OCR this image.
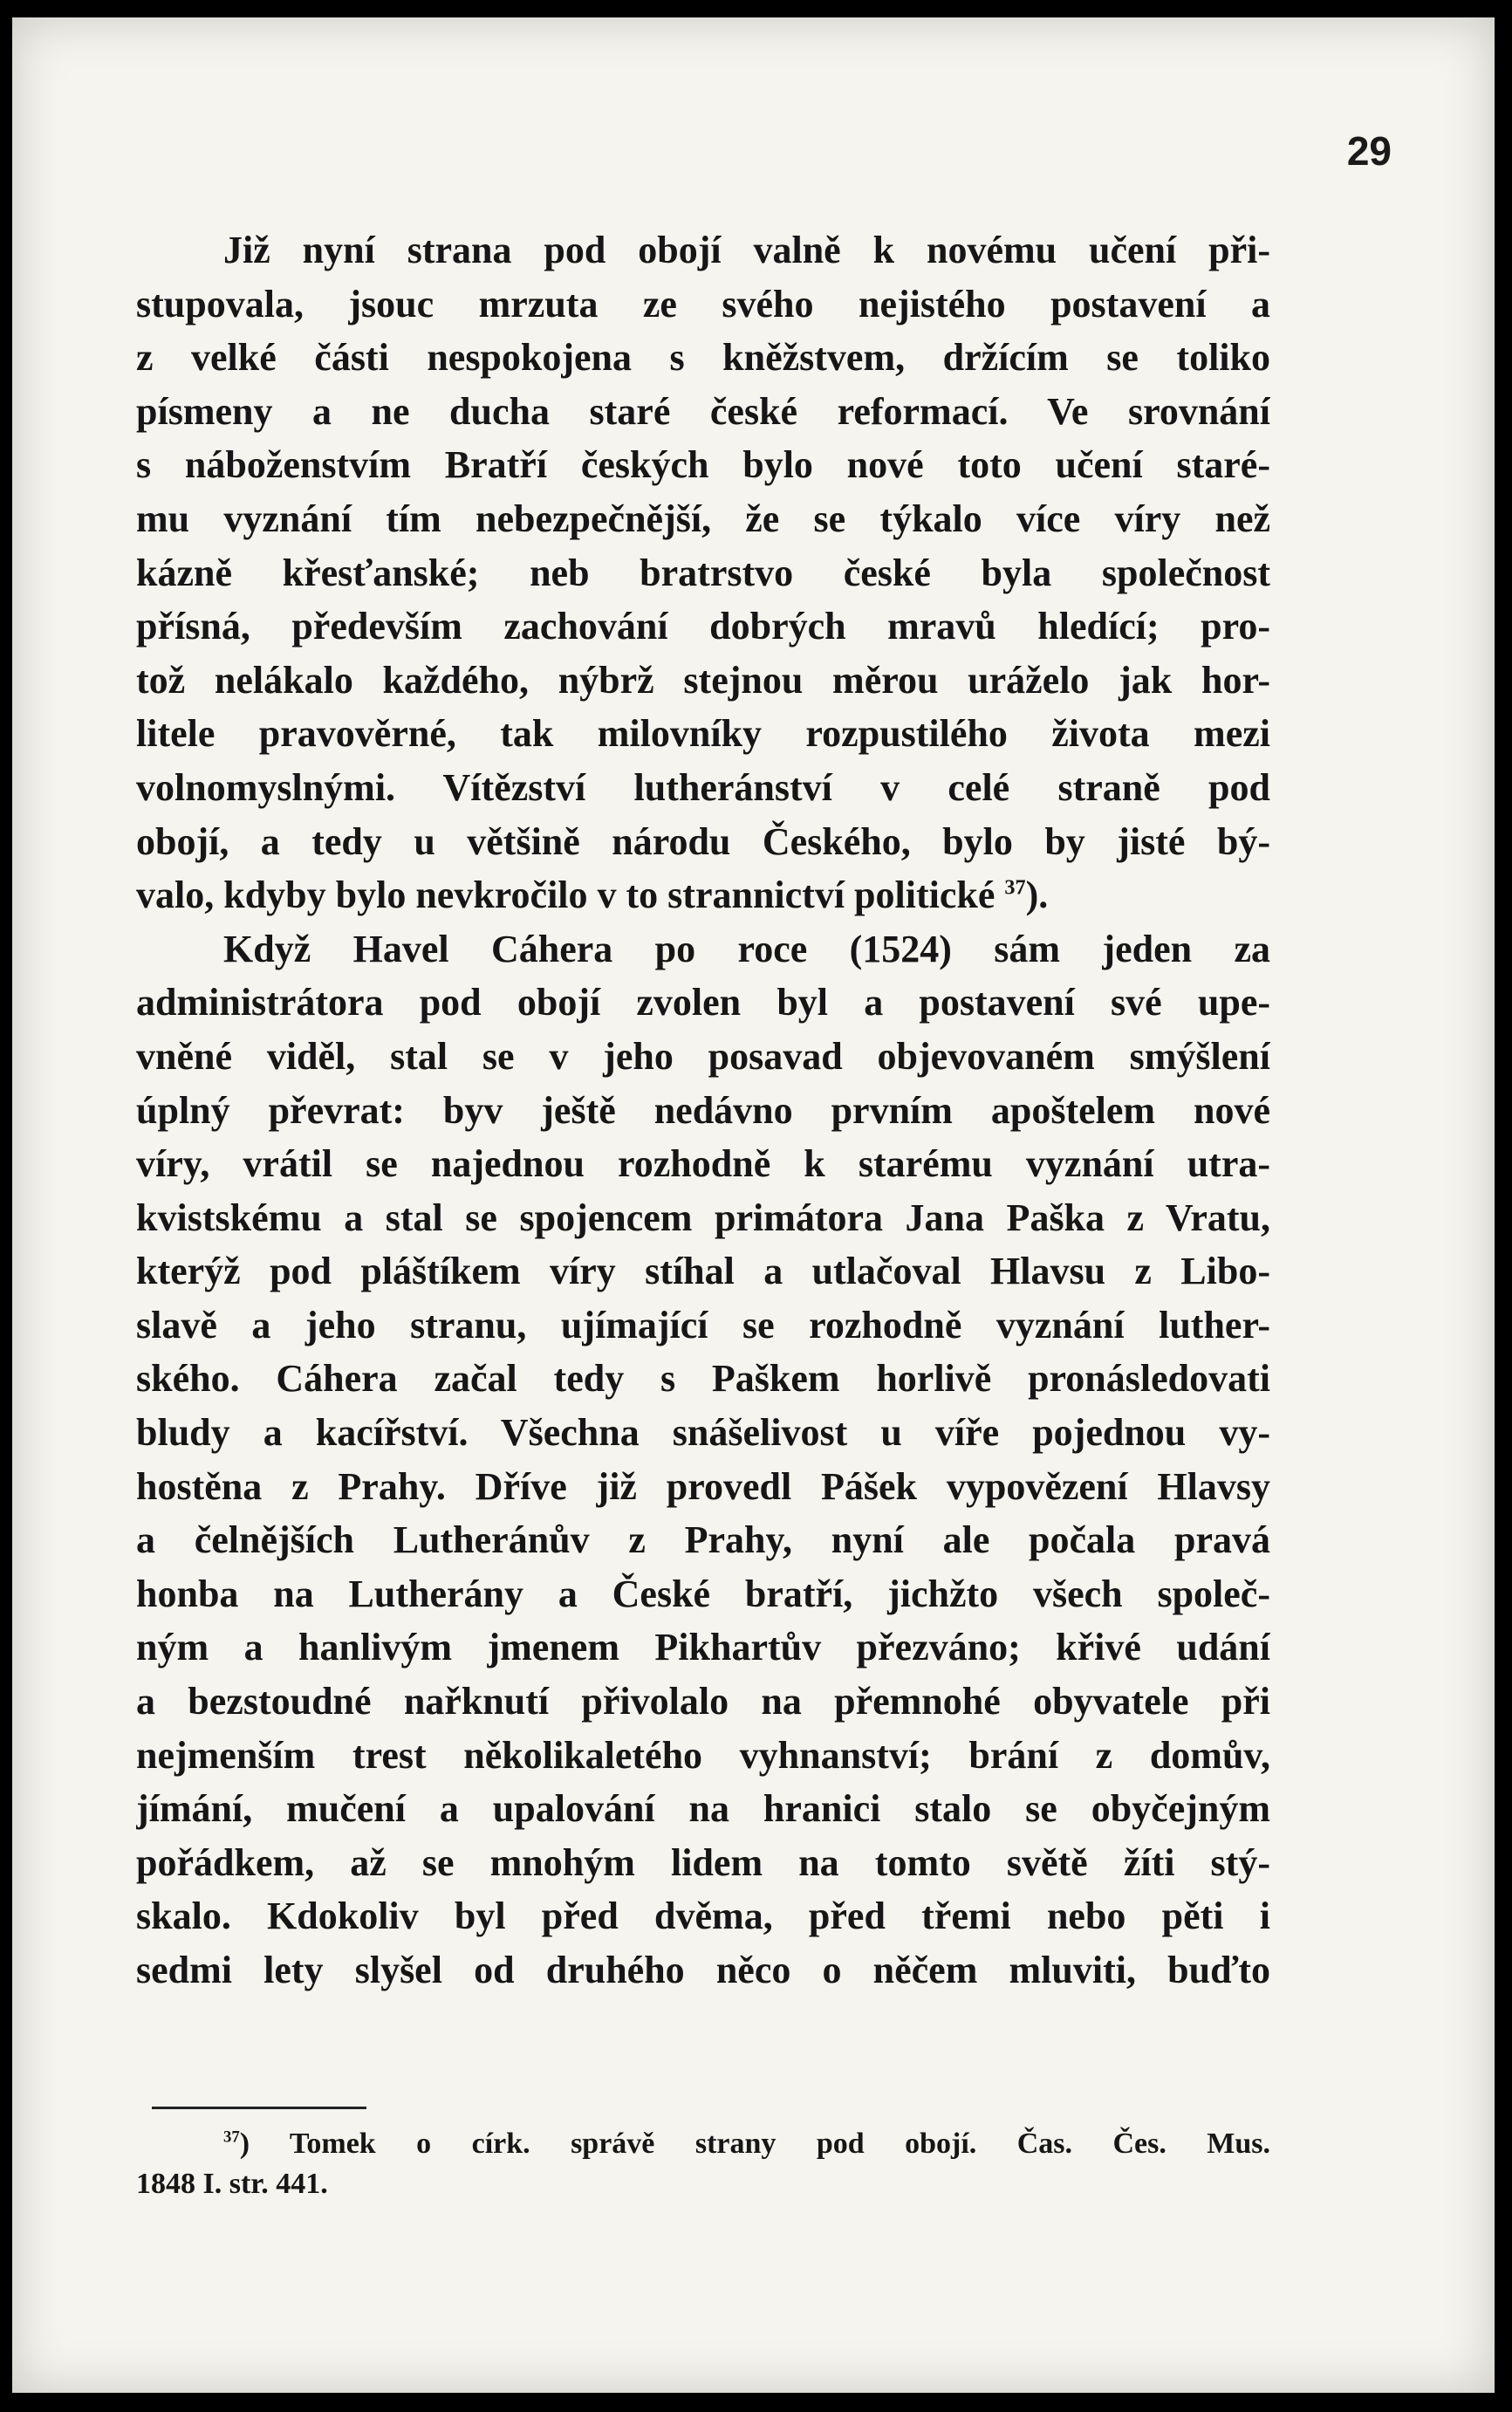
29

Již nyní strana pod obojí valně k novému učení při-
stupovala, jsouc mrzuta ze svého nejistého postavení a
z velké části nespokojena s kněžstvem, držícím se toliko
písmeny a ne ducha staré české reformací. Ve srovnání
s náboženstvím Bratří českých bylo nové toto učení staré-
mu vyznání tím nebezpečnější, že se týkalo více víry než
kázně křesťanské; neb bratrstvo české byla společnost
přísná, především zachování dobrých mravů hledící; pro-
tož nelákalo každého, nýbrž stejnou měrou uráželo jak hor-
litele pravověrné, tak milovníky rozpustilého života mezi
volnomyslnými. Vítězství lutheránství v celé straně pod
obojí, a tedy u většině národu Českého, bylo by jisté bý-
valo, kdyby bylo nevkročilo v to strannictví politické $^{37}$).

Když Havel Cáhera po roce (1524) sám jeden za
administrátora pod obojí zvolen byl a postavení své upe-
vněné viděl, stal se v jeho posavad objevovaném smýšlení
úplný převrat: byv ještě nedávno prvním apoštelem nové
víry, vrátil se najednou rozhodně k starému vyznání utra-
kvistskému a stal se spojencem primátora Jana Paška z Vratu,
kterýž pod pláštíkem víry stíhal a utlačoval Hlavsu z Libo-
slavě a jeho stranu, ujímající se rozhodně vyznání luther-
ského. Cáhera začal tedy s Paškem horlivě pronásledovati
bludy a kacířství. Všechna snášelivost u víře pojednou vy-
hostěna z Prahy. Dříve již provedl Pášek vypovězení Hlavsy
a čelnějších Lutheránův z Prahy, nyní ale počala pravá
honba na Lutherány a České bratří, jichžto všech společ-
ným a hanlivým jmenem Pikhartův přezváno; křivé udání
a bezstoudné nařknutí přivolalo na přemnohé obyvatele při
nejmenším trest několikaletého vyhnanství; brání z domův,
jímání, mučení a upalování na hranici stalo se obyčejným
pořádkem, až se mnohým lidem na tomto světě žíti stý-
skalo. Kdokoliv byl před dvěma, před třemi nebo pěti i
sedmi lety slyšel od druhého něco o něčem mluviti, buďto

$^{37}$) Tomek o círk. správě strany pod obojí. Čas. Čes. Mus.
1848 I. str. 441.
